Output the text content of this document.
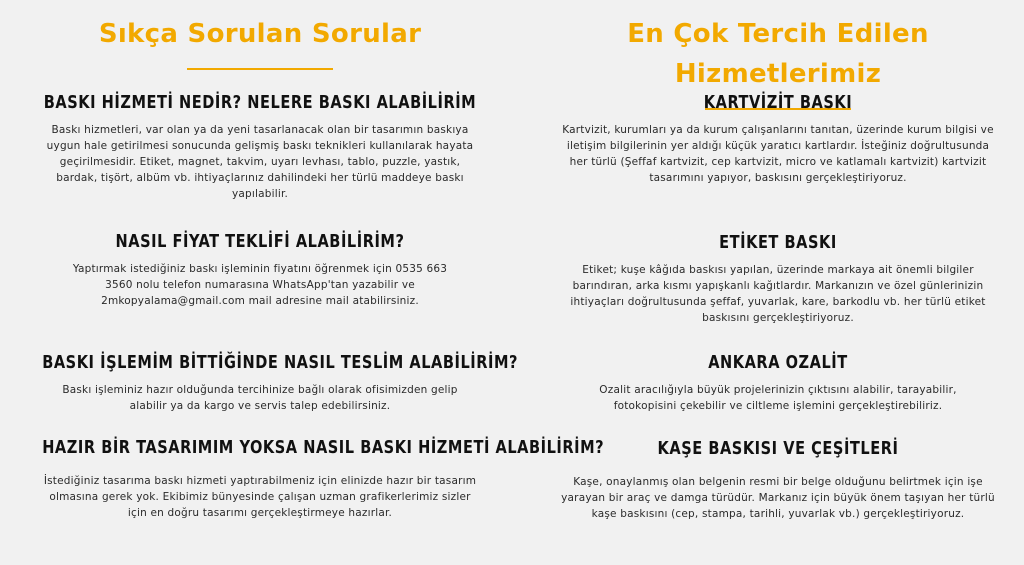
Sıkça Sorulan Sorular
BASKI HİZMETİ NEDİR? NELERE BASKI ALABİLİRİM

Baskı hizmetleri, var olan ya da yeni tasarlanacak olan bir tasarımın baskıya uygun hale getirilmesi sonucunda gelişmiş baskı teknikleri kullanılarak hayata geçirilmesidir. Etiket, magnet, takvim, uyarı levhası, tablo, puzzle, yastık, bardak, tişört, albüm vb. ihtiyaçlarınız dahilindeki her türlü maddeye baskı yapılabilir.

NASIL FİYAT TEKLİFİ ALABİLİRİM?

Yaptırmak istediğiniz baskı işleminin fiyatını öğrenmek için 0535 663 3560 nolu telefon numarasına WhatsApp'tan yazabilir ve 2mkopyalama@gmail.com mail adresine mail atabilirsiniz.

BASKI İŞLEMİM BİTTİĞİNDE NASIL TESLİM ALABİLİRİM?

Baskı işleminiz hazır olduğunda tercihinize bağlı olarak ofisimizden gelip alabilir ya da kargo ve servis talep edebilirsiniz.

HAZIR BİR TASARIMIM YOKSA NASIL BASKI HİZMETİ ALABİLİRİM?

İstediğiniz tasarıma baskı hizmeti yaptırabilmeniz için elinizde hazır bir tasarım olmasına gerek yok. Ekibimiz bünyesinde çalışan uzman grafikerlerimiz sizler için en doğru tasarımı gerçekleştirmeye hazırlar.

En Çok Tercih Edilen Hizmetlerimiz
KARTVİZİT BASKI

Kartvizit, kurumları ya da kurum çalışanlarını tanıtan, üzerinde kurum bilgisi ve iletişim bilgilerinin yer aldığı küçük yaratıcı kartlardır. İsteğiniz doğrultusunda her türlü (Şeffaf kartvizit, cep kartvizit, micro ve katlamalı kartvizit) kartvizit tasarımını yapıyor, baskısını gerçekleştiriyoruz.

ETİKET BASKI

Etiket; kuşe kâğıda baskısı yapılan, üzerinde markaya ait önemli bilgiler barındıran, arka kısmı yapışkanlı kağıtlardır. Markanızın ve özel günlerinizin ihtiyaçları doğrultusunda şeffaf, yuvarlak, kare, barkodlu vb. her türlü etiket baskısını gerçekleştiriyoruz.

ANKARA OZALİT

Ozalit aracılığıyla büyük projelerinizin çıktısını alabilir, tarayabilir, fotokopisini çekebilir ve ciltleme işlemini gerçekleştirebiliriz.

KAŞE BASKISI VE ÇEŞİTLERİ

Kaşe, onaylanmış olan belgenin resmi bir belge olduğunu belirtmek için işe yarayan bir araç ve damga türüdür. Markanız için büyük önem taşıyan her türlü kaşe baskısını (cep, stampa, tarihli, yuvarlak vb.) gerçekleştiriyoruz.
